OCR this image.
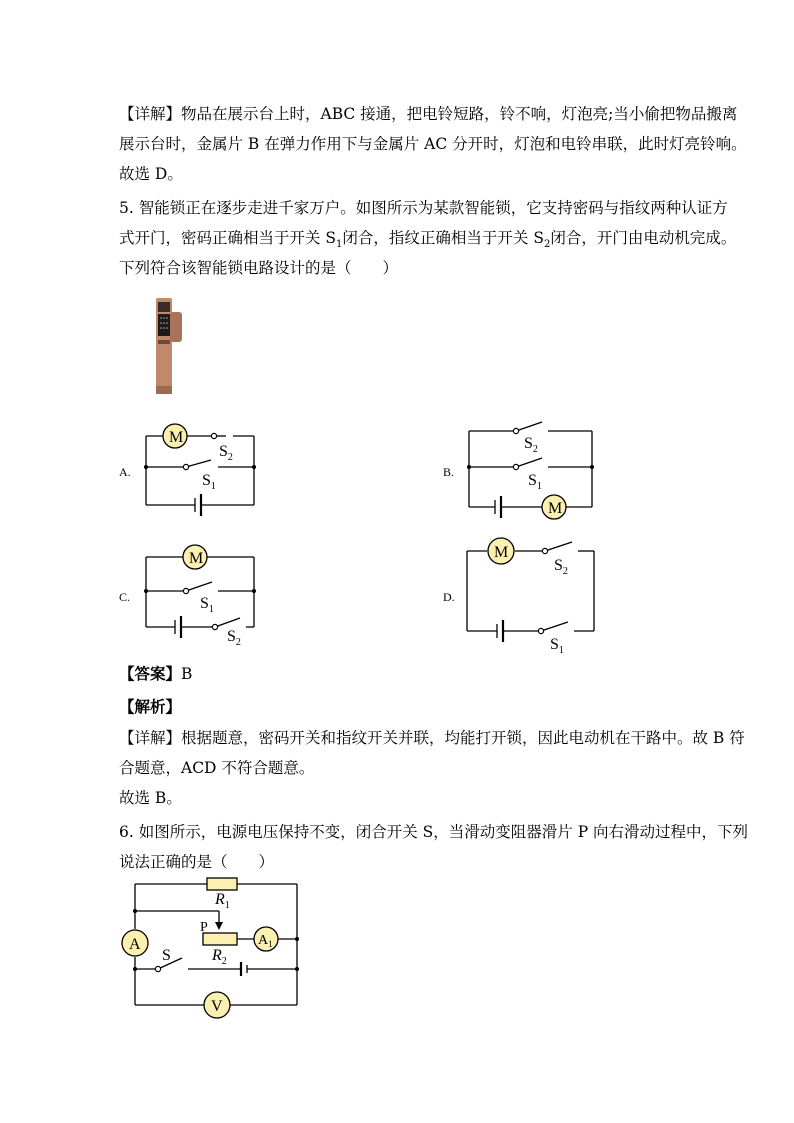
【详解】物品在展示台上时，ABC 接通，把电铃短路，铃不响，灯泡亮;当小偷把物品搬离
展示台时，金属片 B 在弹力作用下与金属片 AC 分开时，灯泡和电铃串联，此时灯亮铃响。
故选 D。
5. 智能锁正在逐步走进千家万户。如图所示为某款智能锁，它支持密码与指纹两种认证方
式开门，密码正确相当于开关 $S_1$闭合，指纹正确相当于开关 $S_2$闭合，开门由电动机完成。
下列符合该智能锁电路设计的是（　　）
A.	B.
C.	D.
M
M
M	M
$S_2$
$S_1$
$S_2$
$S_1$
$S_1$
$S_2$
$S_2$
$S_1$
A	$A_1$
V
S
$R_1$
$R_2$
P
【答案】B
【解析】
【详解】根据题意，密码开关和指纹开关并联，均能打开锁，因此电动机在干路中。故 B 符
合题意，ACD 不符合题意。
故选 B。
6. 如图所示，电源电压保持不变，闭合开关 S，当滑动变阻器滑片 P 向右滑动过程中，下列
说法正确的是（　　）
